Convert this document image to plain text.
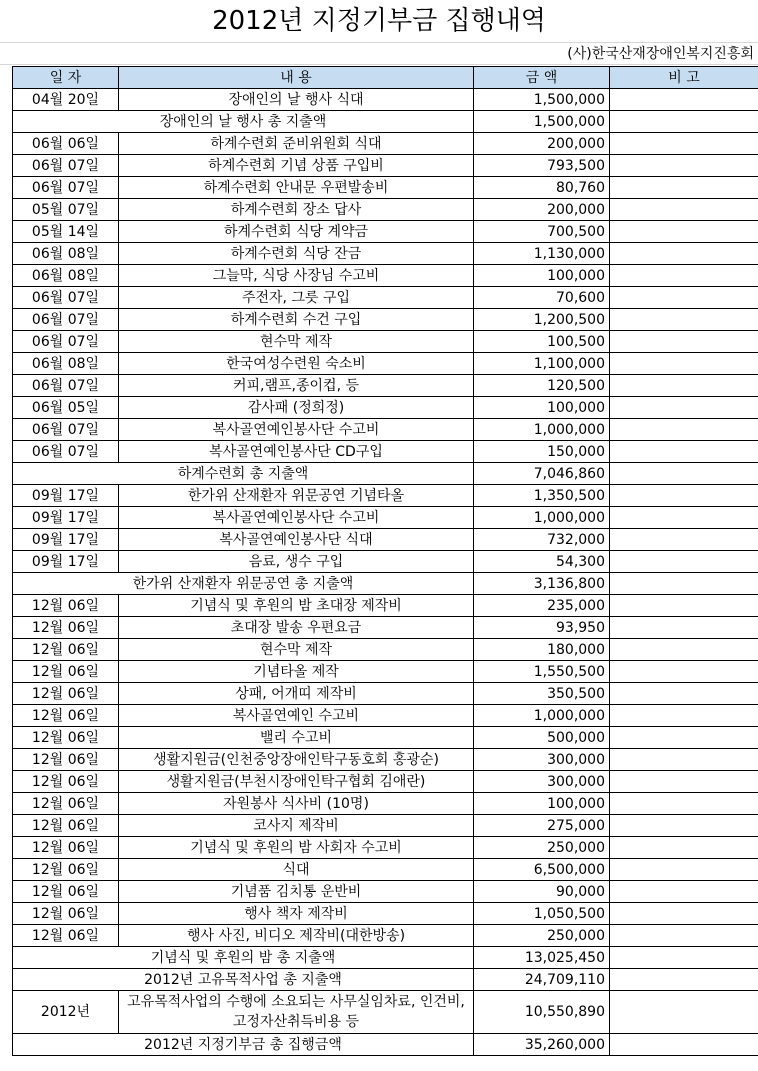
2012년 지정기부금 집행내역
(사)한국산재장애인복지진흥회
일 자	내 용	금 액	비 고
04월 20일	장애인의 날 행사 식대	1,500,000	
장애인의 날 행사 총 지출액		1,500,000	
06월 06일	하계수련회 준비위원회 식대	200,000	
06월 07일	하계수련회 기념 상품 구입비	793,500	
06월 07일	하계수련회 안내문 우편발송비	80,760	
05월 07일	하계수련회 장소 답사	200,000	
05월 14일	하계수련회 식당 계약금	700,500	
06월 08일	하계수련회 식당 잔금	1,130,000	
06월 08일	그늘막, 식당 사장님 수고비	100,000	
06월 07일	주전자, 그릇 구입	70,600	
06월 07일	하계수련회 수건 구입	1,200,500	
06월 07일	현수막 제작	100,500	
06월 08일	한국여성수련원 숙소비	1,100,000	
06월 07일	커피,램프,종이컵, 등	120,500	
06월 05일	감사패 (정희정)	100,000	
06월 07일	복사골연예인봉사단 수고비	1,000,000	
06월 07일	복사골연예인봉사단 CD구입	150,000	
하계수련회 총 지출액		7,046,860	
09월 17일	한가위 산재환자 위문공연 기념타올	1,350,500	
09월 17일	복사골연예인봉사단 수고비	1,000,000	
09월 17일	복사골연예인봉사단 식대	732,000	
09월 17일	음료, 생수 구입	54,300	
한가위 산재환자 위문공연 총 지출액		3,136,800	
12월 06일	기념식 및 후원의 밤 초대장 제작비	235,000	
12월 06일	초대장 발송 우편요금	93,950	
12월 06일	현수막 제작	180,000	
12월 06일	기념타올 제작	1,550,500	
12월 06일	상패, 어개띠 제작비	350,500	
12월 06일	복사골연예인 수고비	1,000,000	
12월 06일	밸리 수고비	500,000	
12월 06일	생활지원금(인천중앙장애인탁구동호회 홍광순)	300,000	
12월 06일	생활지원금(부천시장애인탁구협회 김애란)	300,000	
12월 06일	자원봉사 식사비 (10명)	100,000	
12월 06일	코사지 제작비	275,000	
12월 06일	기념식 및 후원의 밤 사회자 수고비	250,000	
12월 06일	식대	6,500,000	
12월 06일	기념품 김치통 운반비	90,000	
12월 06일	행사 책자 제작비	1,050,500	
12월 06일	행사 사진, 비디오 제작비(대한방송)	250,000	
기념식 및 후원의 밤 총 지출액		13,025,450	
2012년 고유목적사업 총 지출액		24,709,110	
2012년	고유목적사업의 수행에 소요되는 사무실임차료, 인건비,고정자산취득비용 등	10,550,890	
2012년 지정기부금 총 집행금액		35,260,000	
